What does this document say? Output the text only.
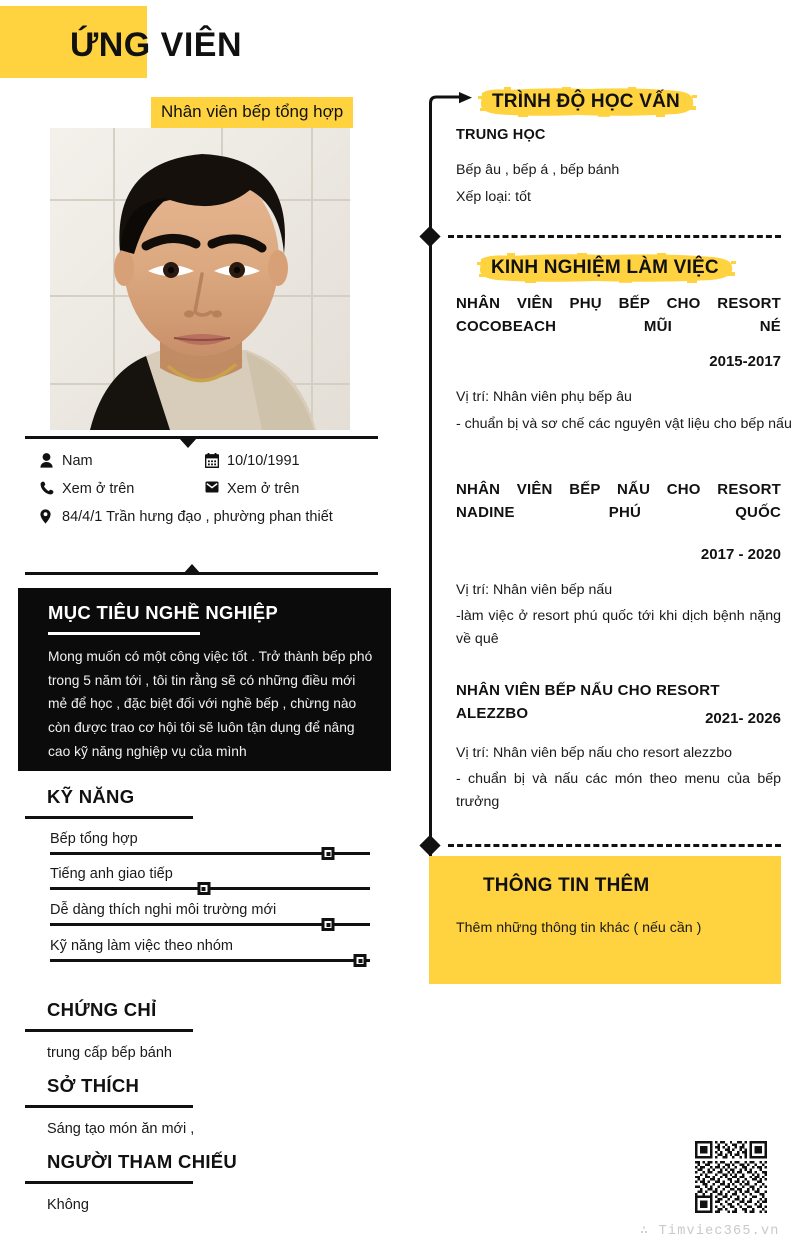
ỨNG VIÊN
Nhân viên bếp tổng hợp
Nam	10/10/1991
Xem ở trên	Xem ở trên
84/4/1 Trần hưng đạo , phường phan thiết
MỤC TIÊU NGHỀ NGHIỆP
Mong muốn có một công việc tốt . Trở thành bếp phó trong 5 năm tới , tôi tin rằng sẽ có những điều mới mẻ để học , đặc biệt đối với nghề bếp , chừng nào còn được trao cơ hội tôi sẽ luôn tận dụng để nâng cao kỹ năng nghiệp vụ của mình
KỸ NĂNG
Bếp tổng hợp
Tiếng anh giao tiếp
Dễ dàng thích nghi môi trường mới
Kỹ năng làm việc theo nhóm
CHỨNG CHỈ
trung cấp bếp bánh
SỞ THÍCH
Sáng tạo món ăn mới ,
NGƯỜI THAM CHIẾU
Không
TRÌNH ĐỘ HỌC VẤN
TRUNG HỌC
Bếp âu , bếp á , bếp bánh
Xếp loại: tốt
KINH NGHIỆM LÀM VIỆC
NHÂN VIÊN PHỤ BẾP CHO RESORT COCOBEACH MŨI NÉ
2015-2017
Vị trí: Nhân viên phụ bếp âu
- chuẩn bị và sơ chế các nguyên vật liệu cho bếp nấu
NHÂN VIÊN BẾP NẤU CHO RESORT NADINE PHÚ QUỐC
2017 - 2020
Vị trí: Nhân viên bếp nấu
-làm việc ở resort phú quốc tới khi dịch bệnh nặng về quê
NHÂN VIÊN BẾP NẤU CHO RESORT ALEZZBO	2021- 2026
Vị trí: Nhân viên bếp nấu cho resort alezzbo
- chuẩn bị và nấu các món theo menu của bếp trưởng
THÔNG TIN THÊM
Thêm những thông tin khác ( nếu cần )
∴ Timviec365.vn
